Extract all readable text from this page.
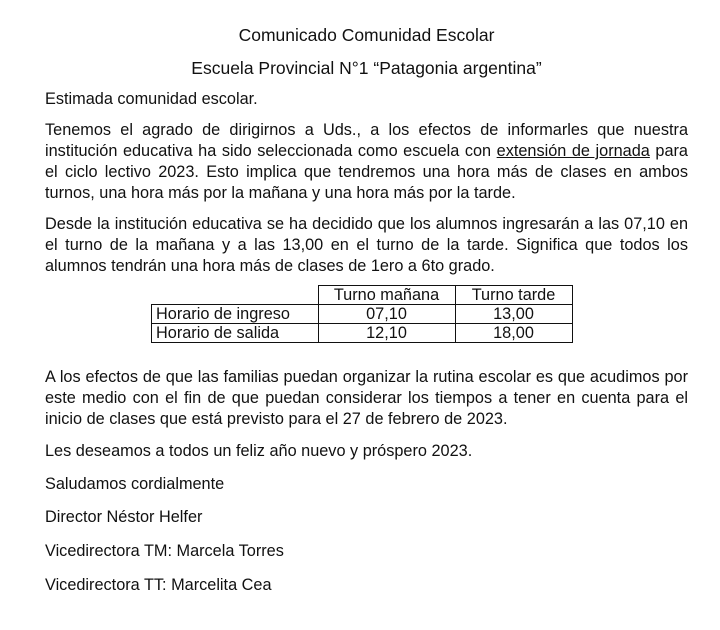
Comunicado Comunidad Escolar

Escuela Provincial N°1 “Patagonia argentina”

Estimada comunidad escolar.

Tenemos el agrado de dirigirnos a Uds., a los efectos de informarles que nuestra institución educativa ha sido seleccionada como escuela con extensión de jornada para el ciclo lectivo 2023. Esto implica que tendremos una hora más de clases en ambos turnos, una hora más por la mañana y una hora más por la tarde.

Desde la institución educativa se ha decidido que los alumnos ingresarán a las 07,10 en el turno de la mañana y a las 13,00 en el turno de la tarde. Significa que todos los alumnos tendrán una hora más de clases de 1ero a 6to grado.

	Turno mañana	Turno tarde
Horario de ingreso	07,10	13,00
Horario de salida	12,10	18,00

A los efectos de que las familias puedan organizar la rutina escolar es que acudimos por este medio con el fin de que puedan considerar los tiempos a tener en cuenta para el inicio de clases que está previsto para el 27 de febrero de 2023.

Les deseamos a todos un feliz año nuevo y próspero 2023.

Saludamos cordialmente

Director Néstor Helfer

Vicedirectora TM: Marcela Torres

Vicedirectora TT: Marcelita Cea
